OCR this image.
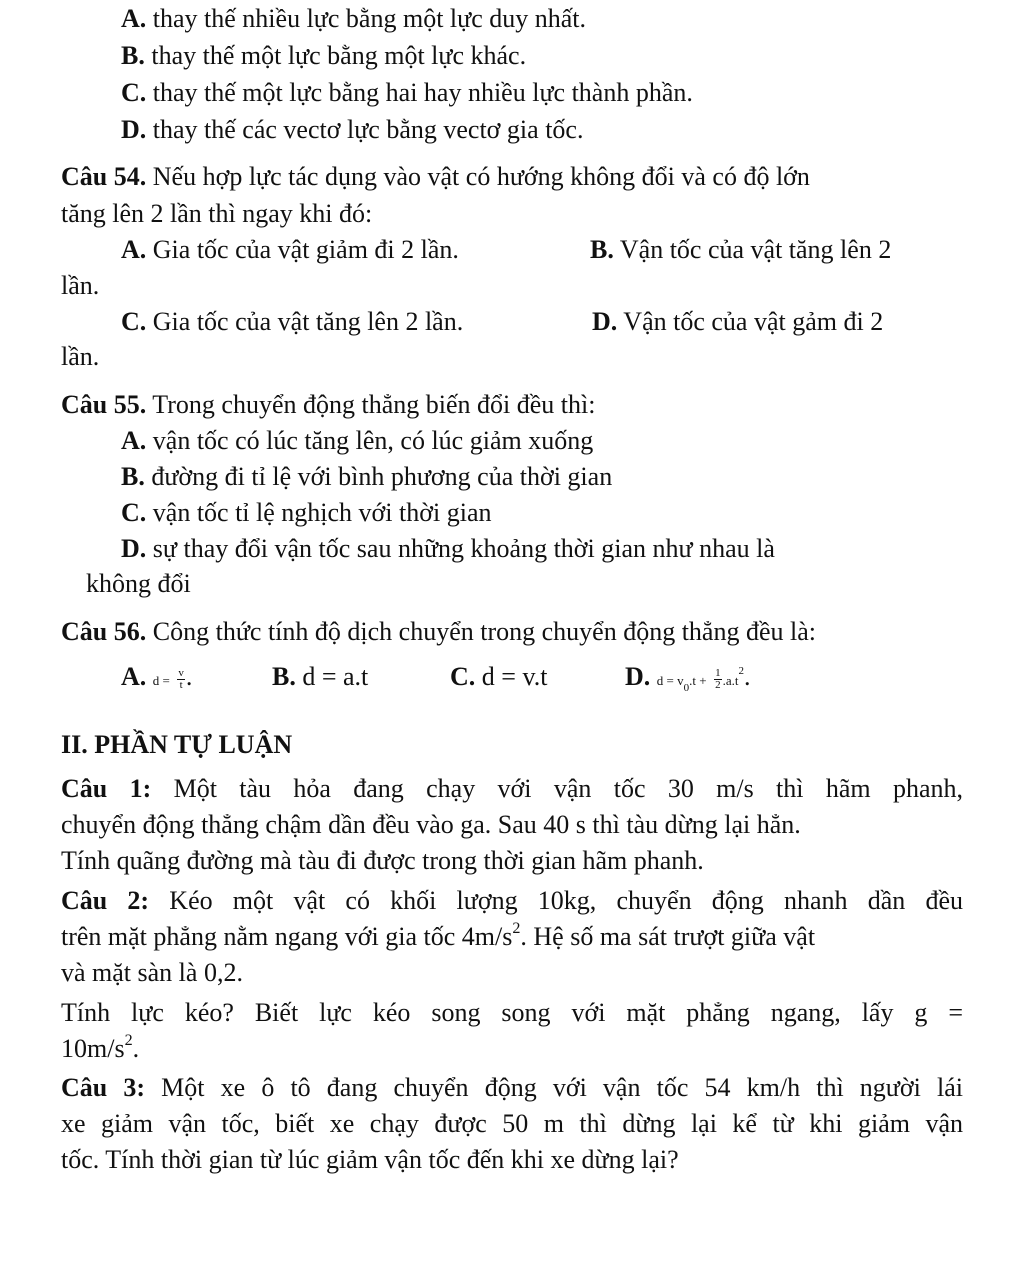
A. thay thế nhiều lực bằng một lực duy nhất.
B. thay thế một lực bằng một lực khác.
C. thay thế một lực bằng hai hay nhiều lực thành phần.
D. thay thế các vectơ lực bằng vectơ gia tốc.
Câu 54. Nếu hợp lực tác dụng vào vật có hướng không đổi và có độ lớn
tăng lên 2 lần thì ngay khi đó:
A. Gia tốc của vật giảm đi 2 lần.	B. Vận tốc của vật tăng lên 2
lần.
C. Gia tốc của vật tăng lên 2 lần.	D. Vận tốc của vật gảm đi 2
lần.
Câu 55. Trong chuyển động thẳng biến đổi đều thì:
A. vận tốc có lúc tăng lên, có lúc giảm xuống
B. đường đi tỉ lệ với bình phương của thời gian
C. vận tốc tỉ lệ nghịch với thời gian
D. sự thay đổi vận tốc sau những khoảng thời gian như nhau là
không đổi
Câu 56. Công thức tính độ dịch chuyển trong chuyển động thẳng đều là:
A. $d = \frac{v}{t}$ .	B. d = a.t	C. d = v.t	D. $d = v_0.t + \frac{1}{2} .a.t^2$.
II. PHẦN TỰ LUẬN
Câu 1: Một tàu hỏa đang chạy với vận tốc 30 m/s thì hãm phanh,
chuyển động thẳng chậm dần đều vào ga. Sau 40 s thì tàu dừng lại hẳn.
Tính quãng đường mà tàu đi được trong thời gian hãm phanh.
Câu 2: Kéo một vật có khối lượng 10kg, chuyển động nhanh dần đều
trên mặt phẳng nằm ngang với gia tốc $4m/s^2$. Hệ số ma sát trượt giữa vật
và mặt sàn là 0,2.
Tính lực kéo? Biết lực kéo song song với mặt phẳng ngang, lấy g =
$10m/s^2$.
Câu 3: Một xe ô tô đang chuyển động với vận tốc 54 km/h thì người lái
xe giảm vận tốc, biết xe chạy được 50 m thì dừng lại kể từ khi giảm vận
tốc. Tính thời gian từ lúc giảm vận tốc đến khi xe dừng lại?
